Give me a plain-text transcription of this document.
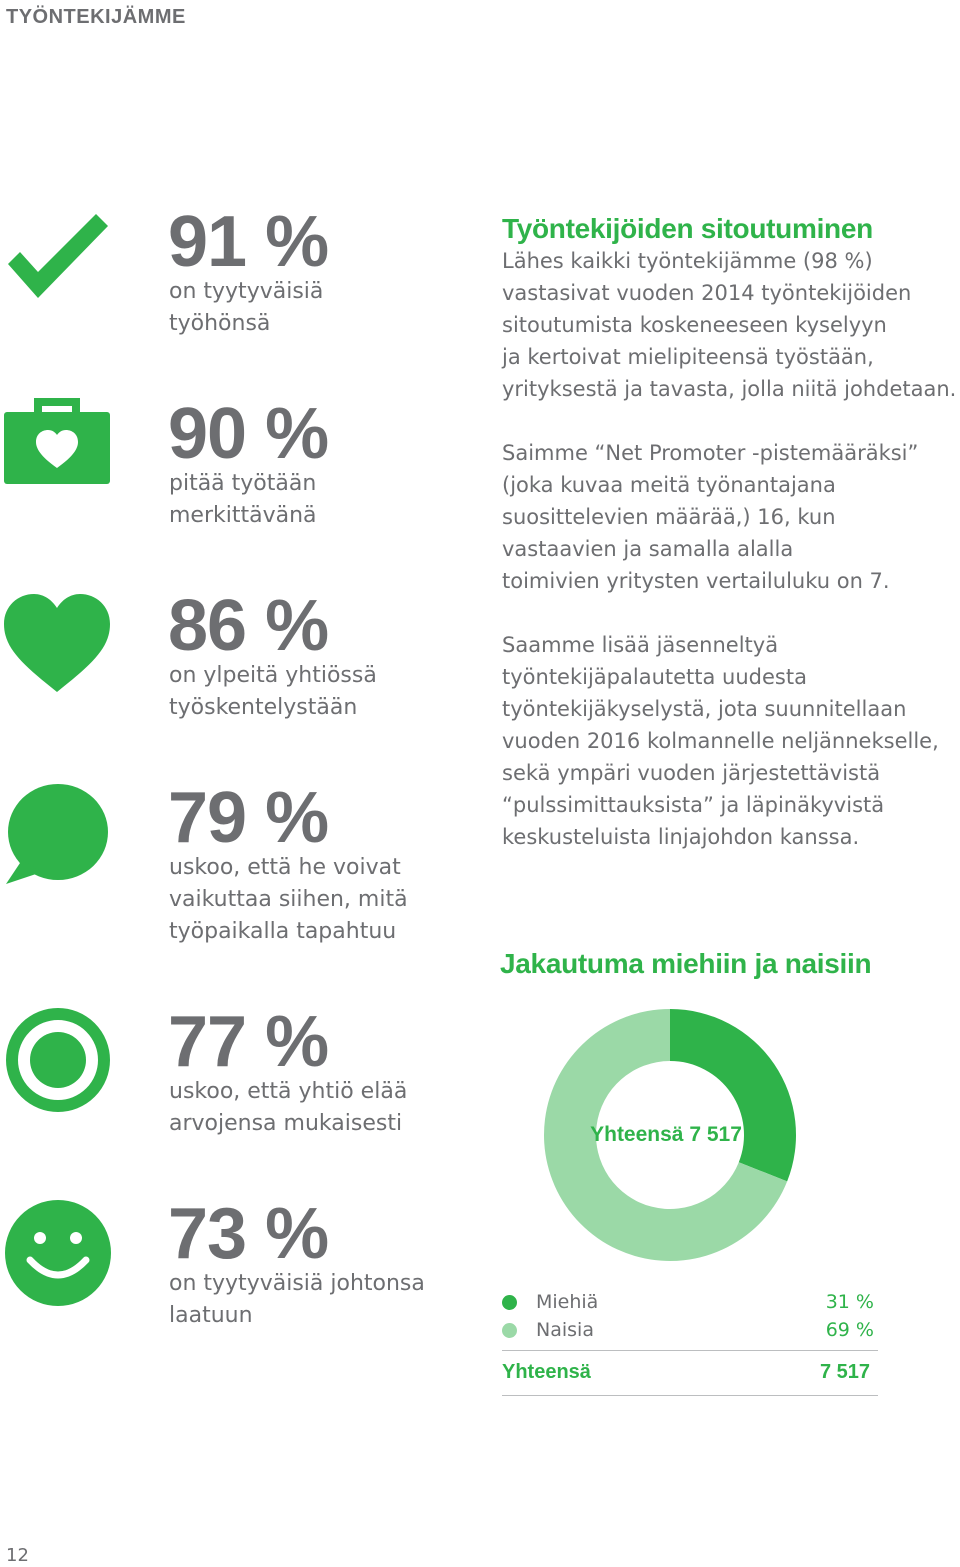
TYÖNTEKIJÄMME
91 %
on tyytyväisiä
työhönsä
90 %
pitää työtään
merkittävänä
86 %
on ylpeitä yhtiössä
työskentelystään
79 %
uskoo, että he voivat
vaikuttaa siihen, mitä
työpaikalla tapahtuu
77 %
uskoo, että yhtiö elää
arvojensa mukaisesti
73 %
on tyytyväisiä johtonsa
laatuun
Työntekijöiden sitoutuminen

Lähes kaikki työntekijämme (98 %)
vastasivat vuoden 2014 työntekijöiden
sitoutumista koskeneeseen kyselyyn
ja kertoivat mielipiteensä työstään,
yrityksestä ja tavasta, jolla niitä johdetaan.

Saimme “Net Promoter -pistemääräksi”
(joka kuvaa meitä työnantajana
suosittelevien määrää,) 16, kun
vastaavien ja samalla alalla
toimivien yritysten vertailuluku on 7.

Saamme lisää jäsenneltyä
työntekijäpalautetta uudesta
työntekijäkyselystä, jota suunnitellaan
vuoden 2016 kolmannelle neljännekselle,
sekä ympäri vuoden järjestettävistä
“pulssimittauksista” ja läpinäkyvistä
keskusteluista linjajohdon kanssa.

Jakautuma miehiin ja naisiin
Yhteensä 7 517
Miehiä	31 %
Naisia	69 %
Yhteensä	7 517
12
